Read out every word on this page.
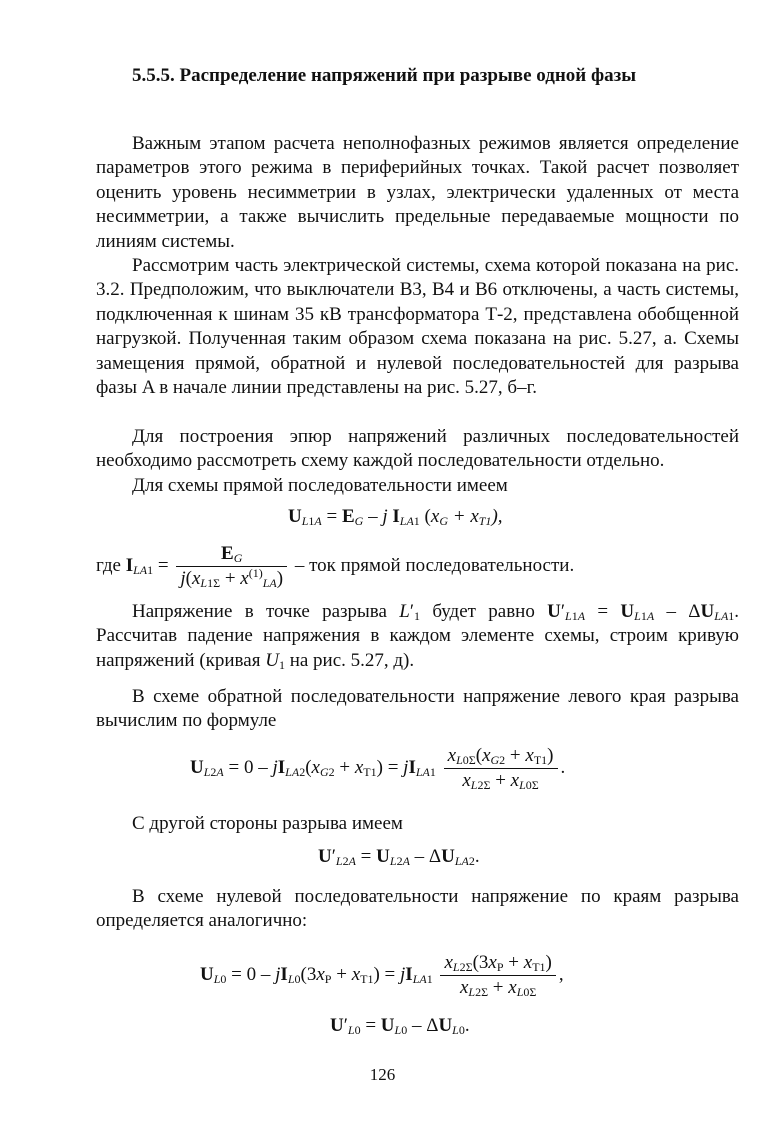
5.5.5. Распределение напряжений при разрыве одной фазы

Важным этапом расчета неполнофазных режимов является определение параметров этого режима в периферийных точках. Такой расчет позволяет оценить уровень несимметрии в узлах, электрически удаленных от места несимметрии, а также вычислить предельные передаваемые мощности по линиям системы.

Рассмотрим часть электрической системы, схема которой показана на рис. 3.2. Предположим, что выключатели В3, В4 и В6 отключены, а часть системы, подключенная к шинам 35 кВ трансформатора Т-2, представлена обобщенной нагрузкой. Полученная таким образом схема показана на рис. 5.27, а. Схемы замещения прямой, обратной и нулевой последовательностей для разрыва фазы A в начале линии представлены на рис. 5.27, б–г.

Для построения эпюр напряжений различных последовательностей необходимо рассмотреть схему каждой последовательности отдельно.

Для схемы прямой последовательности имеем

$U_{L1A} = E_G - j$ $I_{LA1}$ $(x_G + x_{T1})$,
где $I_{LA1} = \frac{E_G}{j(x_{L1\Sigma} + x^{(1)}_{LA})}$ – ток прямой последовательности.

Напряжение в точке разрыва $L'_1$ будет равно $U'_{L1A} = U_{L1A} - \Delta U_{LA1}$. Рассчитав падение напряжения в каждом элементе схемы, строим кривую напряжений (кривая $U_1$ на рис. 5.27, д).

В схеме обратной последовательности напряжение левого края разрыва вычислим по формуле

$U_{L2A} = 0 - jI_{LA2}(x_{G2} + x_{T1}) = jI_{LA1} \frac{x_{L0\Sigma}(x_{G2} + x_{T1})}{x_{L2\Sigma} + x_{L0\Sigma}}$ .

С другой стороны разрыва имеем

$U'_{L2A} = U_{L2A} - \Delta U_{LA2}$.

В схеме нулевой последовательности напряжение по краям разрыва определяется аналогично:

$U_{L0} = 0 - jI_{L0}(3x_P + x_{T1}) = jI_{LA1} \frac{x_{L2\Sigma}(3x_P + x_{T1})}{x_{L2\Sigma} + x_{L0\Sigma}}$ ,
$U'_{L0} = U_{L0} - \Delta U_{L0}$.

126
